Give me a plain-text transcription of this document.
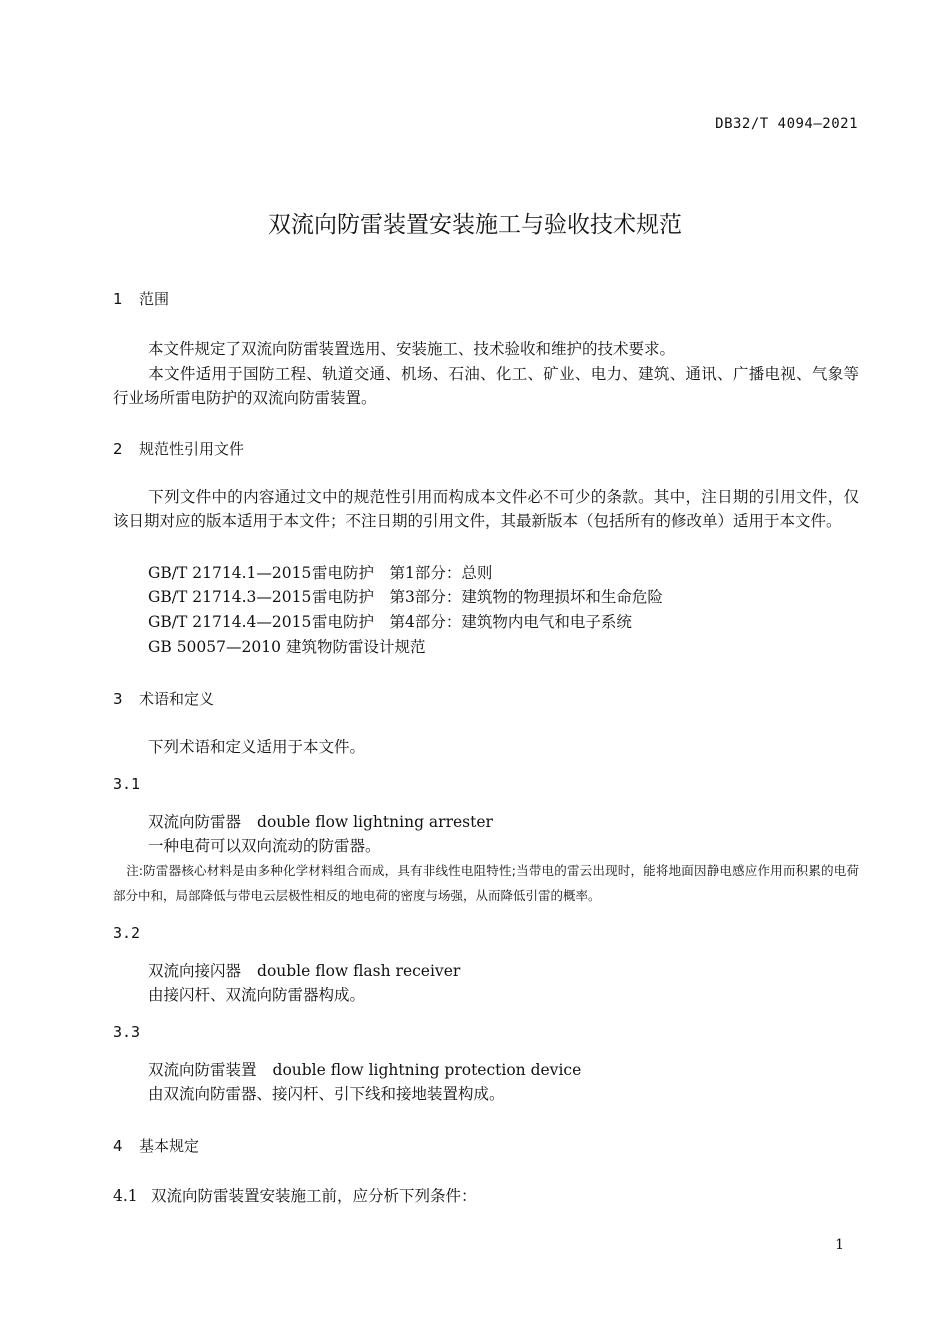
DB32/T 4094—2021
双流向防雷装置安装施工与验收技术规范
1 范围
本文件规定了双流向防雷装置选用、安装施工、技术验收和维护的技术要求。
本文件适用于国防工程、轨道交通、机场、石油、化工、矿业、电力、建筑、通讯、广播电视、气象等行业场所雷电防护的双流向防雷装置。
2 规范性引用文件
下列文件中的内容通过文中的规范性引用而构成本文件必不可少的条款。其中，注日期的引用文件，仅该日期对应的版本适用于本文件；不注日期的引用文件，其最新版本（包括所有的修改单）适用于本文件。
GB/T 21714.1—2015雷电防护　第1部分：总则
GB/T 21714.3—2015雷电防护　第3部分：建筑物的物理损坏和生命危险
GB/T 21714.4—2015雷电防护　第4部分：建筑物内电气和电子系统
GB 50057—2010 建筑物防雷设计规范
3 术语和定义
下列术语和定义适用于本文件。
3.1
双流向防雷器 double flow lightning arrester
一种电荷可以双向流动的防雷器。
注:防雷器核心材料是由多种化学材料组合而成，具有非线性电阻特性;当带电的雷云出现时，能将地面因静电感应作用而积累的电荷部分中和，局部降低与带电云层极性相反的地电荷的密度与场强，从而降低引雷的概率。
3.2
双流向接闪器 double flow flash receiver
由接闪杆、双流向防雷器构成。
3.3
双流向防雷装置 double flow lightning protection device
由双流向防雷器、接闪杆、引下线和接地装置构成。
4 基本规定
4.1 双流向防雷装置安装施工前，应分析下列条件：
1
